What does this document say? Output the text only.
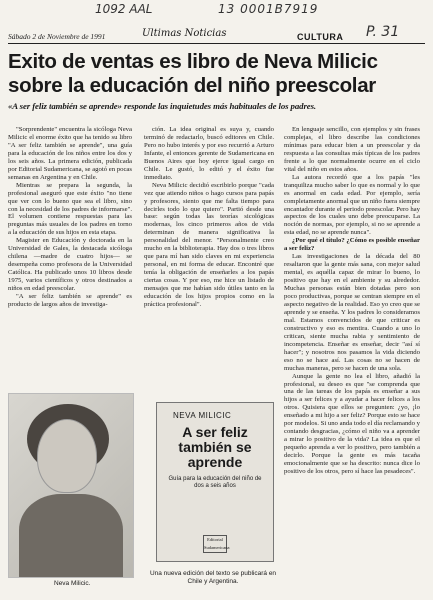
1092 AAL	13 0001B7919
P. 31
Sábado 2 de Noviembre de 1991	Ultimas Noticias	CULTURA
Exito de ventas es libro de Neva Milicic sobre la educación del niño preescolar
«A ser feliz también se aprende» responde las inquietudes más habituales de los padres.

"Sorprendente" encuentra la sicóloga Neva Milicic el enorme éxito que ha tenido su libro "A ser feliz también se aprende", una guía para la educación de los niños entre los dos y los seis años. La primera edición, publicada por Editorial Sudamericana, se agotó en pocas semanas en Argentina y en Chile.

Mientras se prepara la segunda, la profesional aseguró que este éxito "no tiene que ver con lo bueno que sea el libro, sino con la necesidad de los padres de informarse". El volumen contiene respuestas para las preguntas más usuales de los padres en torno a la educación de sus hijos en esta etapa.

Magister en Educación y doctorada en la Universidad de Gales, la destacada sicóloga chilena —madre de cuatro hijos— se desempeña como profesora de la Universidad Católica. Ha publicado unos 10 libros desde 1975, varios científicos y otros destinados a niños en edad preescolar.

"A ser feliz también se aprende" es producto de largos años de investiga-

ción. La idea original es suya y, cuando terminó de redactarlo, buscó editores en Chile. Pero no hubo interés y por eso recurrió a Arturo Infante, el entonces gerente de Sudamericana en Buenos Aires que hoy ejerce igual cargo en Chile. Le gustó, lo editó y el éxito fue inmediato.

Neva Milicic decidió escribirlo porque "cada vez que atiendo niños o hago cursos para papás y profesores, siento que me falta tiempo para decirles todo lo que quiero". Partió desde una base: según todas las teorías sicológicas modernas, los cinco primeros años de vida determinan de manera significativa la personalidad del menor. "Personalmente creo mucho en la biblioterapia. Hay dos o tres libros que para mí han sido claves en mi experiencia personal, en mi forma de educar. Encontré que tenía la obligación de enseñarles a los papás ciertas cosas. Y por eso, me hice un listado de mensajes que me habían sido útiles tanto en la educación de los hijos propios como en la práctica profesional".

En lenguaje sencillo, con ejemplos y sin frases complejas, el libro describe las condiciones mínimas para educar bien a un preescolar y da respuesta a las consultas más típicas de los padres frente a lo que normalmente ocurre en el ciclo vital del niño en estos años.

La autora recordó que a los papás "les tranquiliza mucho saber lo que es normal y lo que es anormal en cada edad. Por ejemplo, sería completamente anormal que un niño fuera siempre encantador durante el periodo preescolar. Pero hay aspectos de los cuales uno debe preocuparse. La noción de normas, por ejemplo, si no se aprende a esta edad, no se aprende nunca".

¿Por qué el título? ¿Cómo es posible enseñar a ser feliz?

Las investigaciones de la década del 80 resaltaron que la gente más sana, con mejor salud mental, es aquélla capaz de mirar lo bueno, lo positivo que hay en el ambiente y su alrededor. Muchas personas están bien dotadas pero son poco productivas, porque se centran siempre en el aspecto negativo de la realidad. Eso yo creo que se aprende y se enseña. Y los padres lo consideramos mal. Estamos convencidos de que criticar es constructivo y eso es mentira. Cuando a uno lo critican, siente mucha rabia y sentimiento de incompetencia. Enseñar es enseñar, decir "así sí hacer"; y nosotros nos pasamos la vida diciendo eso no se hace así. Las cosas no se hacen de muchas maneras, pero se hacen de una sola.

Aunque la gente no lea el libro, añadió la profesional, su deseo es que "se comprenda que una de las tareas de los papás es enseñar a sus hijos a ser felices y a ayudar a hacer felices a los otros. Quisiera que ellos se pregunten: ¿yo, ¡lo enseñado a mi hijo a ser feliz? Porque esto se hace por modelos. Si uno anda todo el día reclamando y contando desgracias, ¿cómo el niño va a aprender a mirar lo positivo de la vida? La idea es que el pequeño aprenda a ver lo positivo, pero también a decirlo. Porque la gente es más tacaña emocionalmente que se ha descrito: nunca dice lo positivo de los otros, pero sí hace las pesadeces".

Neva Milicic.
NEVA MILICIC
A ser feliz también se aprende
Guía para la educación del niño de dos a seis años
Editorial Sudamericana
Una nueva edición del texto se publicará en Chile y Argentina.
